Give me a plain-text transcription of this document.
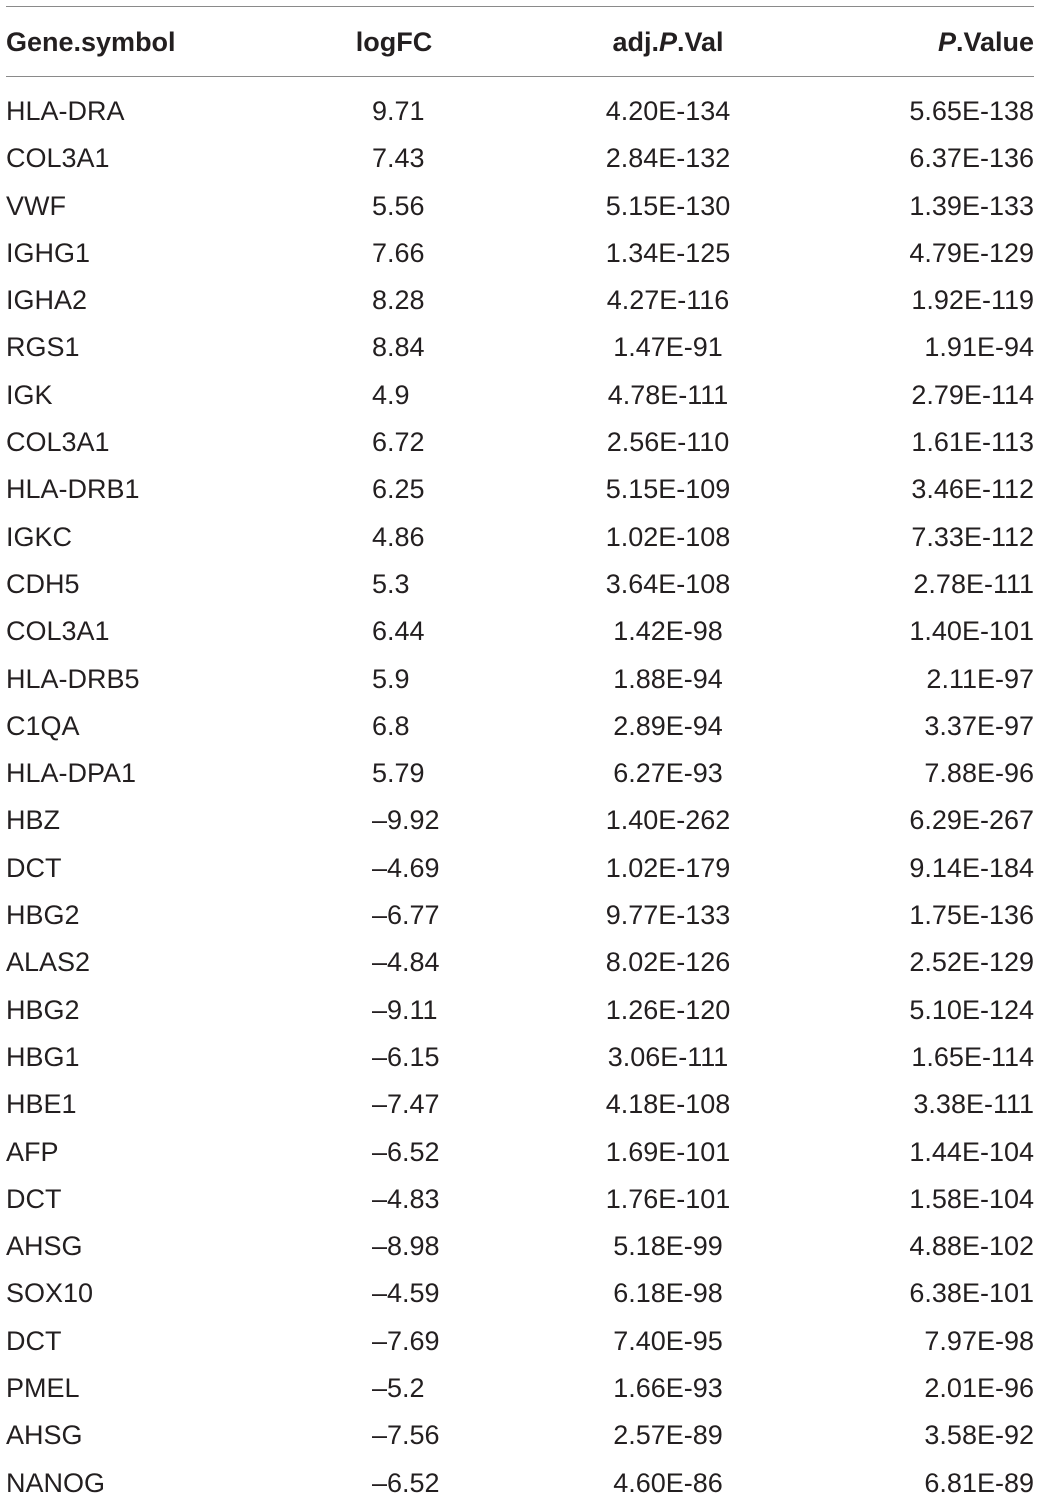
Gene.symbol	logFC	adj.P.Val	P.Value
HLA-DRA	9.71	4.20E-134	5.65E-138
COL3A1	7.43	2.84E-132	6.37E-136
VWF	5.56	5.15E-130	1.39E-133
IGHG1	7.66	1.34E-125	4.79E-129
IGHA2	8.28	4.27E-116	1.92E-119
RGS1	8.84	1.47E-91	1.91E-94
IGK	4.9	4.78E-111	2.79E-114
COL3A1	6.72	2.56E-110	1.61E-113
HLA-DRB1	6.25	5.15E-109	3.46E-112
IGKC	4.86	1.02E-108	7.33E-112
CDH5	5.3	3.64E-108	2.78E-111
COL3A1	6.44	1.42E-98	1.40E-101
HLA-DRB5	5.9	1.88E-94	2.11E-97
C1QA	6.8	2.89E-94	3.37E-97
HLA-DPA1	5.79	6.27E-93	7.88E-96
HBZ	–9.92	1.40E-262	6.29E-267
DCT	–4.69	1.02E-179	9.14E-184
HBG2	–6.77	9.77E-133	1.75E-136
ALAS2	–4.84	8.02E-126	2.52E-129
HBG2	–9.11	1.26E-120	5.10E-124
HBG1	–6.15	3.06E-111	1.65E-114
HBE1	–7.47	4.18E-108	3.38E-111
AFP	–6.52	1.69E-101	1.44E-104
DCT	–4.83	1.76E-101	1.58E-104
AHSG	–8.98	5.18E-99	4.88E-102
SOX10	–4.59	6.18E-98	6.38E-101
DCT	–7.69	7.40E-95	7.97E-98
PMEL	–5.2	1.66E-93	2.01E-96
AHSG	–7.56	2.57E-89	3.58E-92
NANOG	–6.52	4.60E-86	6.81E-89
